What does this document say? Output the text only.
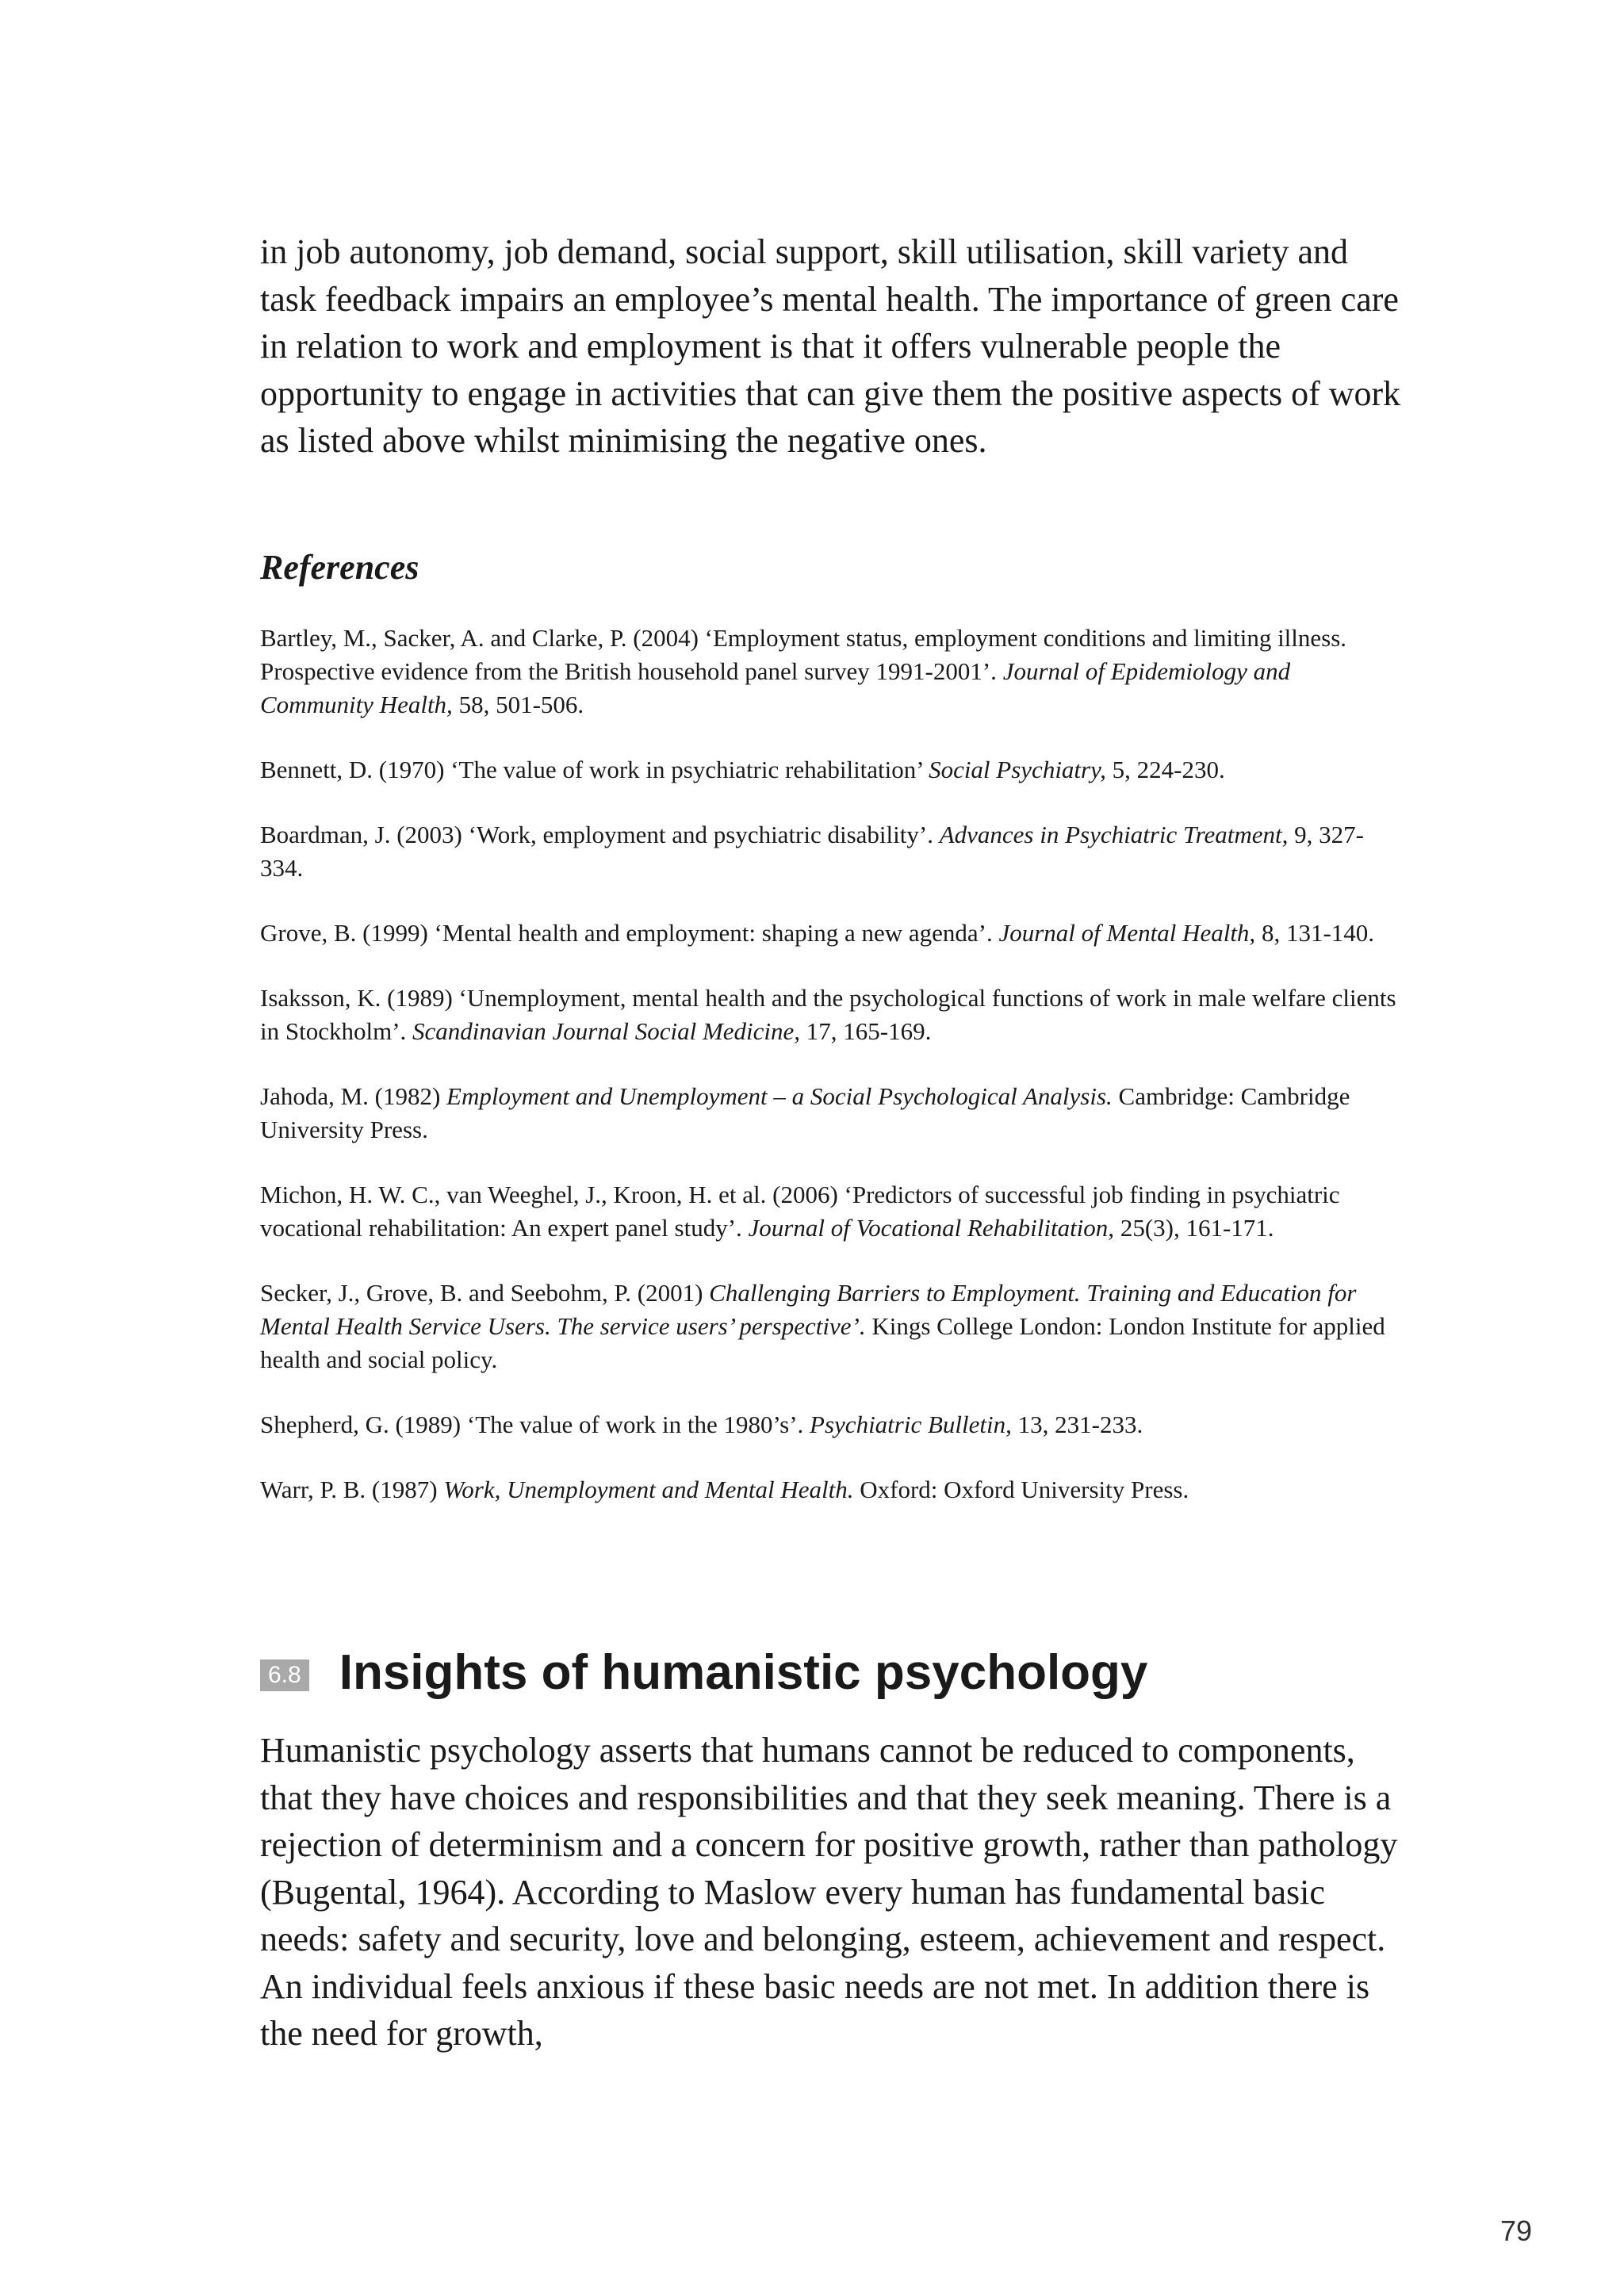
in job autonomy, job demand, social support, skill utilisation, skill variety and task feedback impairs an employee’s mental health. The importance of green care in relation to work and employment is that it offers vulnerable people the opportunity to engage in activities that can give them the positive aspects of work as listed above whilst minimising the negative ones.

References
Bartley, M., Sacker, A. and Clarke, P. (2004) ‘Employment status, employment conditions and limiting illness. Prospective evidence from the British household panel survey 1991-2001’. Journal of Epidemiology and Community Health, 58, 501-506.
Bennett, D. (1970) ‘The value of work in psychiatric rehabilitation’ Social Psychiatry, 5, 224-230.
Boardman, J. (2003) ‘Work, employment and psychiatric disability’. Advances in Psychiatric Treatment, 9, 327-334.
Grove, B. (1999) ‘Mental health and employment: shaping a new agenda’. Journal of Mental Health, 8, 131-140.
Isaksson, K. (1989) ‘Unemployment, mental health and the psychological functions of work in male welfare clients in Stockholm’. Scandinavian Journal Social Medicine, 17, 165-169.
Jahoda, M. (1982) Employment and Unemployment – a Social Psychological Analysis. Cambridge: Cambridge University Press.
Michon, H. W. C., van Weeghel, J., Kroon, H. et al. (2006) ‘Predictors of successful job finding in psychiatric vocational rehabilitation: An expert panel study’. Journal of Vocational Rehabilitation, 25(3), 161-171.
Secker, J., Grove, B. and Seebohm, P. (2001) Challenging Barriers to Employment. Training and Education for Mental Health Service Users. The service users’ perspective’. Kings College London: London Institute for applied health and social policy.
Shepherd, G. (1989) ‘The value of work in the 1980’s’. Psychiatric Bulletin, 13, 231-233.
Warr, P. B. (1987) Work, Unemployment and Mental Health. Oxford: Oxford University Press.
6.8 Insights of humanistic psychology

Humanistic psychology asserts that humans cannot be reduced to components, that they have choices and responsibilities and that they seek meaning. There is a rejection of determinism and a concern for positive growth, rather than pathology (Bugental, 1964). According to Maslow every human has fundamental basic needs: safety and security, love and belonging, esteem, achievement and respect. An individual feels anxious if these basic needs are not met. In addition there is the need for growth,

79
